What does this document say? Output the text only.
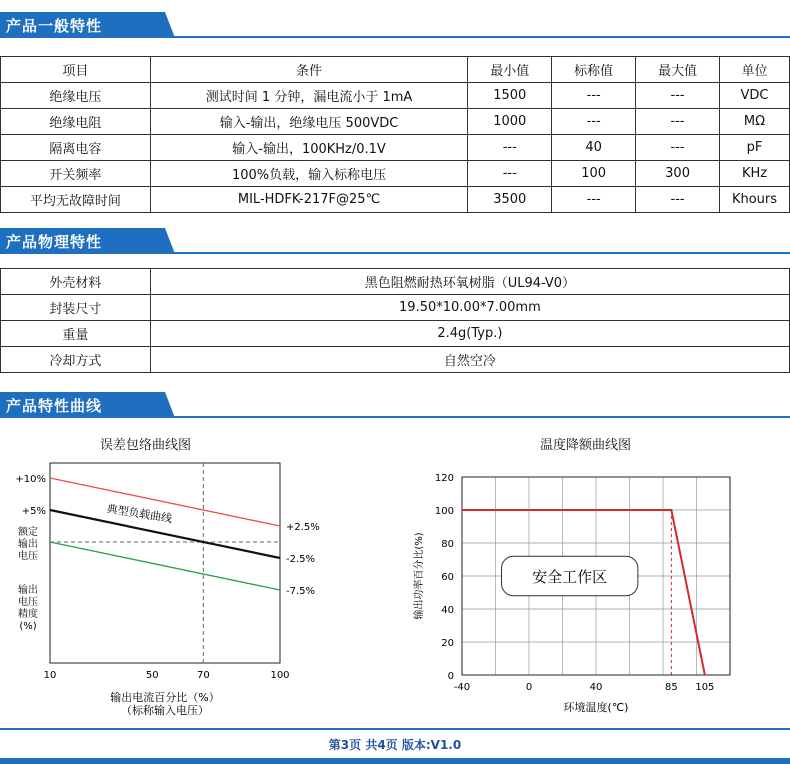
产品一般特性
项目	条件	最小值	标称值	最大值	单位
绝缘电压	测试时间 1 分钟，漏电流小于 1mA	1500	---	---	VDC
绝缘电阻	输入-输出，绝缘电压 500VDC	1000	---	---	MΩ
隔离电容	输入-输出，100KHz/0.1V	---	40	---	pF
开关频率	100%负载，输入标称电压	---	100	300	KHz
平均无故障时间	MIL-HDFK-217F@25℃	3500	---	---	Khours
产品物理特性
外壳材料	黑色阻燃耐热环氧树脂（UL94-V0）
封装尺寸	19.50*10.00*7.00mm
重量	2.4g(Typ.)
冷却方式	自然空冷
产品特性曲线
误差包络曲线图	温度降额曲线图
+10%
+5%
+2.5%
-2.5%
-7.5%
10	50	70	100
典型负载曲线
额定
输出
电压
输出
电压
精度
(%)
输出电流百分比（%）
（标称输入电压）
0
20
40
60
80
100
120
-40	0	40	85 105
安全工作区
输出功率百分比(%)
环境温度(℃)
第3页 共4页 版本:V1.0
